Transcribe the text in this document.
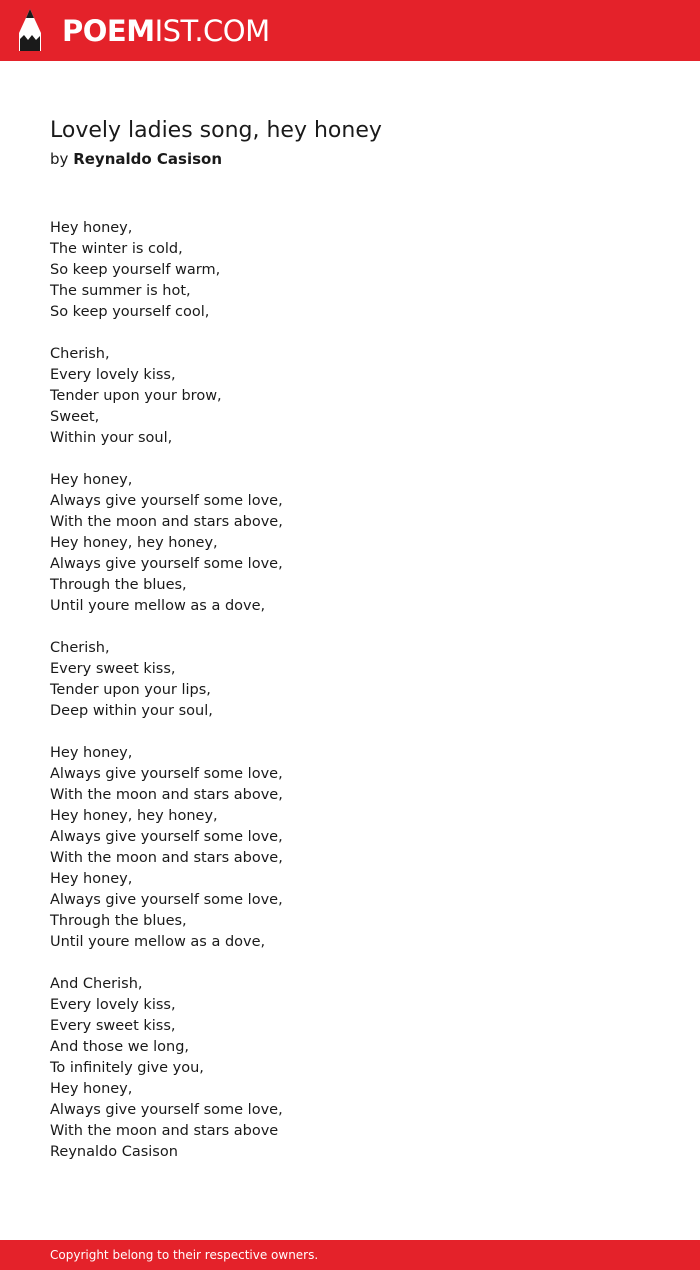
POEMIST.COM
Lovely ladies song, hey honey
by Reynaldo Casison
Hey honey,
The winter is cold,
So keep yourself warm,
The summer is hot,
So keep yourself cool,
Cherish,
Every lovely kiss,
Tender upon your brow,
Sweet,
Within your soul,
Hey honey,
Always give yourself some love,
With the moon and stars above,
Hey honey, hey honey,
Always give yourself some love,
Through the blues,
Until youre mellow as a dove,
Cherish,
Every sweet kiss,
Tender upon your lips,
Deep within your soul,
Hey honey,
Always give yourself some love,
With the moon and stars above,
Hey honey, hey honey,
Always give yourself some love,
With the moon and stars above,
Hey honey,
Always give yourself some love,
Through the blues,
Until youre mellow as a dove,
And Cherish,
Every lovely kiss,
Every sweet kiss,
And those we long,
To infinitely give you,
Hey honey,
Always give yourself some love,
With the moon and stars above
Reynaldo Casison
Copyright belong to their respective owners.
